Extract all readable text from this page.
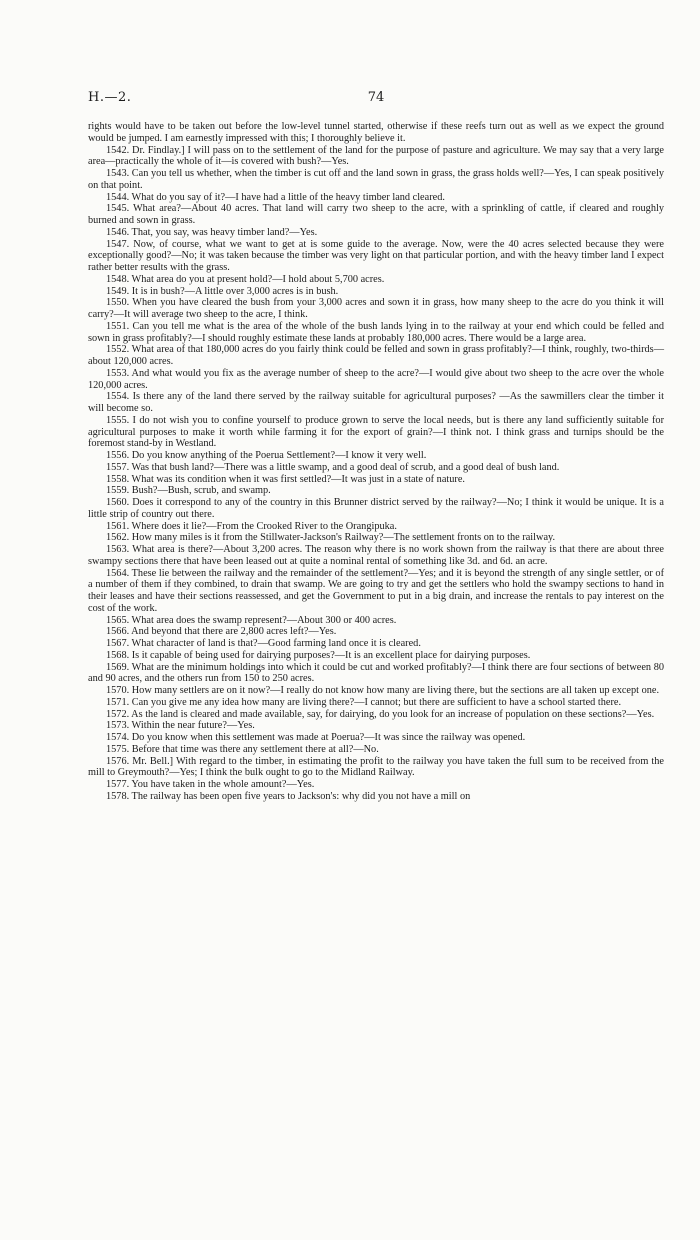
H.—2.	74

rights would have to be taken out before the low-level tunnel started, otherwise if these reefs turn out as well as we expect the ground would be jumped. I am earnestly impressed with this; I thoroughly believe it.

1542. Dr. Findlay.] I will pass on to the settlement of the land for the purpose of pasture and agriculture. We may say that a very large area—practically the whole of it—is covered with bush?—Yes.

1543. Can you tell us whether, when the timber is cut off and the land sown in grass, the grass holds well?—Yes, I can speak positively on that point.

1544. What do you say of it?—I have had a little of the heavy timber land cleared.

1545. What area?—About 40 acres. That land will carry two sheep to the acre, with a sprinkling of cattle, if cleared and roughly burned and sown in grass.

1546. That, you say, was heavy timber land?—Yes.

1547. Now, of course, what we want to get at is some guide to the average. Now, were the 40 acres selected because they were exceptionally good?—No; it was taken because the timber was very light on that particular portion, and with the heavy timber land I expect rather better results with the grass.

1548. What area do you at present hold?—I hold about 5,700 acres.

1549. It is in bush?—A little over 3,000 acres is in bush.

1550. When you have cleared the bush from your 3,000 acres and sown it in grass, how many sheep to the acre do you think it will carry?—It will average two sheep to the acre, I think.

1551. Can you tell me what is the area of the whole of the bush lands lying in to the railway at your end which could be felled and sown in grass profitably?—I should roughly estimate these lands at probably 180,000 acres. There would be a large area.

1552. What area of that 180,000 acres do you fairly think could be felled and sown in grass profitably?—I think, roughly, two-thirds—about 120,000 acres.

1553. And what would you fix as the average number of sheep to the acre?—I would give about two sheep to the acre over the whole 120,000 acres.

1554. Is there any of the land there served by the railway suitable for agricultural purposes? —As the sawmillers clear the timber it will become so.

1555. I do not wish you to confine yourself to produce grown to serve the local needs, but is there any land sufficiently suitable for agricultural purposes to make it worth while farming it for the export of grain?—I think not. I think grass and turnips should be the foremost stand-by in Westland.

1556. Do you know anything of the Poerua Settlement?—I know it very well.

1557. Was that bush land?—There was a little swamp, and a good deal of scrub, and a good deal of bush land.

1558. What was its condition when it was first settled?—It was just in a state of nature.

1559. Bush?—Bush, scrub, and swamp.

1560. Does it correspond to any of the country in this Brunner district served by the railway?—No; I think it would be unique. It is a little strip of country out there.

1561. Where does it lie?—From the Crooked River to the Orangipuka.

1562. How many miles is it from the Stillwater-Jackson's Railway?—The settlement fronts on to the railway.

1563. What area is there?—About 3,200 acres. The reason why there is no work shown from the railway is that there are about three swampy sections there that have been leased out at quite a nominal rental of something like 3d. and 6d. an acre.

1564. These lie between the railway and the remainder of the settlement?—Yes; and it is beyond the strength of any single settler, or of a number of them if they combined, to drain that swamp. We are going to try and get the settlers who hold the swampy sections to hand in their leases and have their sections reassessed, and get the Government to put in a big drain, and increase the rentals to pay interest on the cost of the work.

1565. What area does the swamp represent?—About 300 or 400 acres.

1566. And beyond that there are 2,800 acres left?—Yes.

1567. What character of land is that?—Good farming land once it is cleared.

1568. Is it capable of being used for dairying purposes?—It is an excellent place for dairying purposes.

1569. What are the minimum holdings into which it could be cut and worked profitably?—I think there are four sections of between 80 and 90 acres, and the others run from 150 to 250 acres.

1570. How many settlers are on it now?—I really do not know how many are living there, but the sections are all taken up except one.

1571. Can you give me any idea how many are living there?—I cannot; but there are sufficient to have a school started there.

1572. As the land is cleared and made available, say, for dairying, do you look for an increase of population on these sections?—Yes.

1573. Within the near future?—Yes.

1574. Do you know when this settlement was made at Poerua?—It was since the railway was opened.

1575. Before that time was there any settlement there at all?—No.

1576. Mr. Bell.] With regard to the timber, in estimating the profit to the railway you have taken the full sum to be received from the mill to Greymouth?—Yes; I think the bulk ought to go to the Midland Railway.

1577. You have taken in the whole amount?—Yes.

1578. The railway has been open five years to Jackson's: why did you not have a mill on
